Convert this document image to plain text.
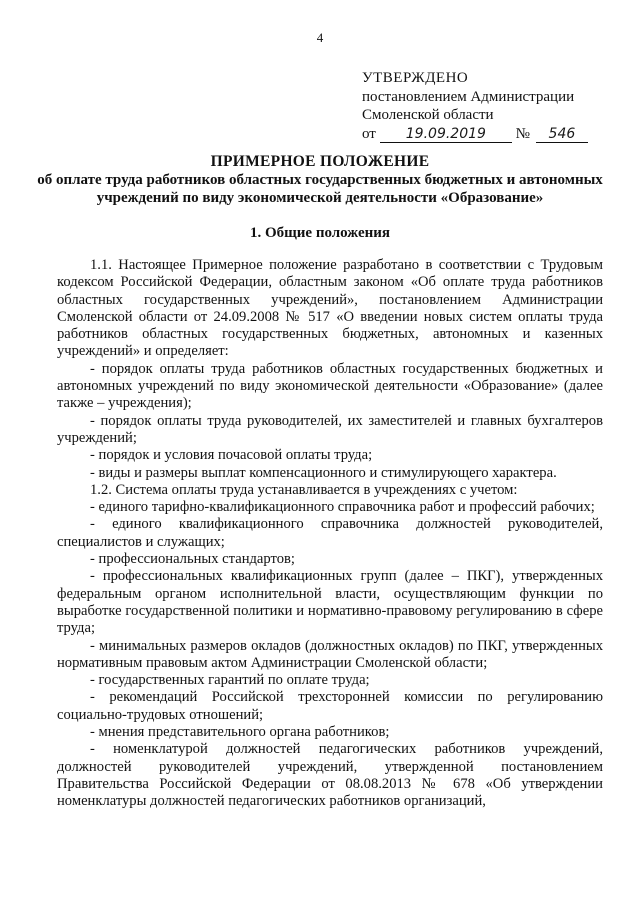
4
УТВЕРЖДЕНО
постановлением Администрации
Смоленской области
от 19.09.2019 № 546
ПРИМЕРНОЕ ПОЛОЖЕНИЕ
об оплате труда работников областных государственных бюджетных и автономных учреждений по виду экономической деятельности «Образование»
1. Общие положения

1.1. Настоящее Примерное положение разработано в соответствии с Трудовым кодексом Российской Федерации, областным законом «Об оплате труда работников областных государственных учреждений», постановлением Администрации Смоленской области от 24.09.2008 № 517 «О введении новых систем оплаты труда работников областных государственных бюджетных, автономных и казенных учреждений» и определяет:

- порядок оплаты труда работников областных государственных бюджетных и автономных учреждений по виду экономической деятельности «Образование» (далее также – учреждения);

- порядок оплаты труда руководителей, их заместителей и главных бухгалтеров учреждений;

- порядок и условия почасовой оплаты труда;

- виды и размеры выплат компенсационного и стимулирующего характера.

1.2. Система оплаты труда устанавливается в учреждениях с учетом:

- единого тарифно-квалификационного справочника работ и профессий рабочих;

- единого квалификационного справочника должностей руководителей, специалистов и служащих;

- профессиональных стандартов;

- профессиональных квалификационных групп (далее – ПКГ), утвержденных федеральным органом исполнительной власти, осуществляющим функции по выработке государственной политики и нормативно-правовому регулированию в сфере труда;

- минимальных размеров окладов (должностных окладов) по ПКГ, утвержденных нормативным правовым актом Администрации Смоленской области;

- государственных гарантий по оплате труда;

- рекомендаций Российской трехсторонней комиссии по регулированию социально-трудовых отношений;

- мнения представительного органа работников;

- номенклатурой должностей педагогических работников учреждений, должностей руководителей учреждений, утвержденной постановлением Правительства Российской Федерации от 08.08.2013 № 678 «Об утверждении номенклатуры должностей педагогических работников организаций,
